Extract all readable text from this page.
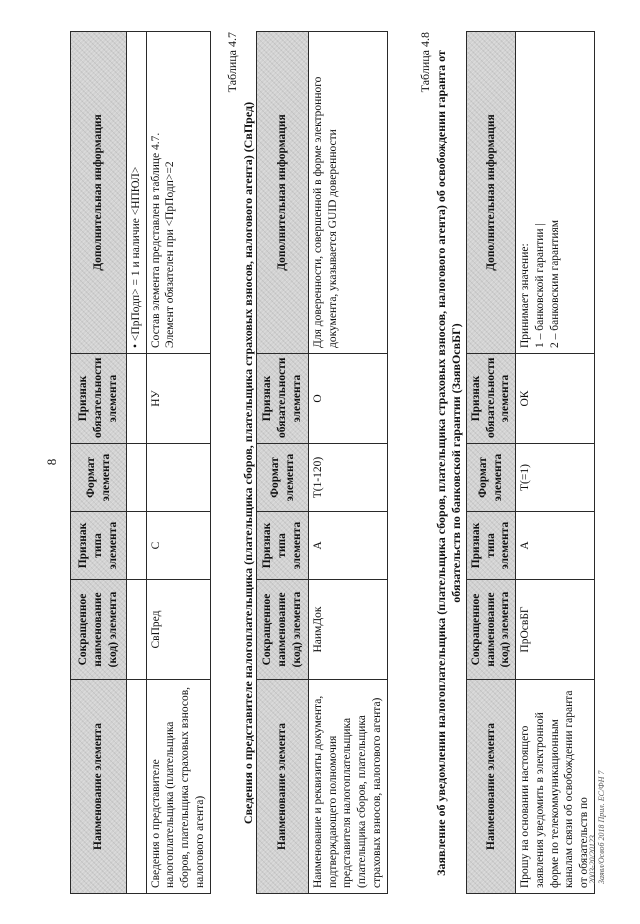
8
Наименование элемента	Сокращенное наименование (код) элемента	Признак типа элемента	Формат элемента	Признак обязательности элемента	Дополнительная информация
					• <ПрПодп> = 1 и наличие <НПЮЛ>
Сведения о представителе налогоплательщика (плательщика сборов, плательщика страховых взносов, налогового агента)	СвПред	С		НУ	Состав элемента представлен в таблице 4.7.
Элемент обязателен при <ПрПодп>=2
Таблица 4.7
Сведения о представителе налогоплательщика (плательщика сборов, плательщика страховых взносов, налогового агента) (СвПред) Наименование элемента	Сокращенное наименование (код) элемента	Признак типа элемента	Формат элемента	Признак обязательности элемента	Дополнительная информация
Наименование и реквизиты документа, подтверждающего полномочия представителя налогоплательщика (плательщика сборов, плательщика страховых взносов, налогового агента)	НаимДок	А	T(1-120)	О	Для доверенности, совершенной в форме электронного документа, указывается GUID доверенности
Таблица 4.8 Заявление об уведомлении налогоплательщика (плательщика сборов, плательщика страховых взносов, налогового агента) об освобождении гаранта от обязательств по банковской гарантии (ЗаявОсвБГ)
Наименование элемента	Сокращенное наименование (код) элемента	Признак типа элемента	Формат элемента	Признак обязательности элемента	Дополнительная информация
Прошу на основании настоящего заявления уведомить в электронной форме по телекоммуникационным каналам связи об освобождении гаранта от обязательств по	ПрОсвБГ	А	T(=1)	ОК	Принимает значение: 1 – банковской гарантии | 2 – банковским гарантиям
2003-20/20123 Заявл/Освоб 2018 Прил. ЕС/ФН 7
